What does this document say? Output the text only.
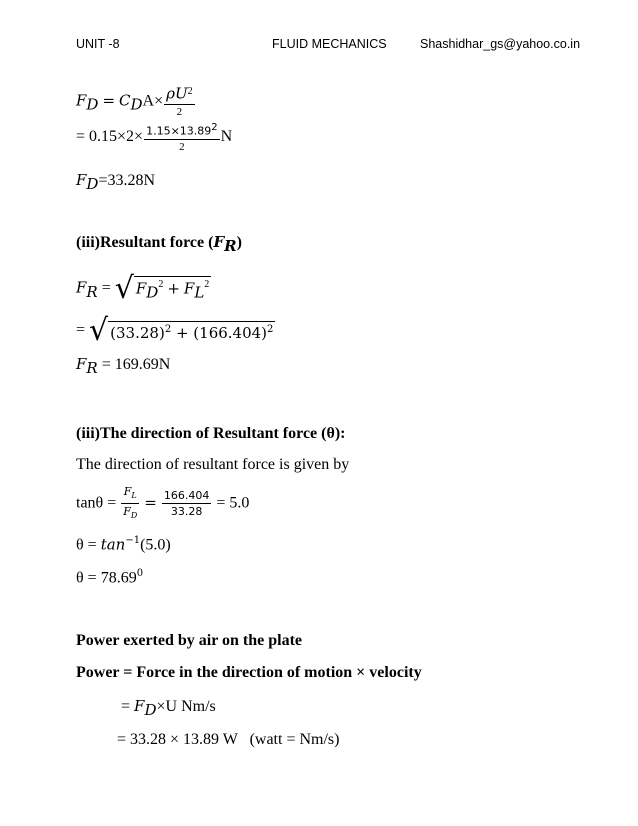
UNIT -8	FLUID MECHANICS	Shashidhar_gs@yahoo.co.in
$F_D = C_DA\times \frac{\rho U^2}{2}$
= $0.15\times 2\times \frac{1.15\times 13.89^2}{2}$ N
$F_D=33.28N$
(iii)Resultant force $(F_R)$
$F_R$ = √ $F_D^2 + F_L^2$
= √ $(33.28)^2 + (166.404)^2$
$F_R = 169.69N$
(iii)The direction of Resultant force (θ):
The direction of resultant force is given by
$\tan\theta = \frac{F_L}{F_D} = \frac{166.404}{33.28} = 5.0$
$\theta = \tan^{-1}(5.0)$
$\theta = 78.69^0$
Power exerted by air on the plate
Power = Force in the direction of motion × velocity
= $F_D\times U$ Nm/s
= 33.28 × 13.89 W   (watt = Nm/s)
